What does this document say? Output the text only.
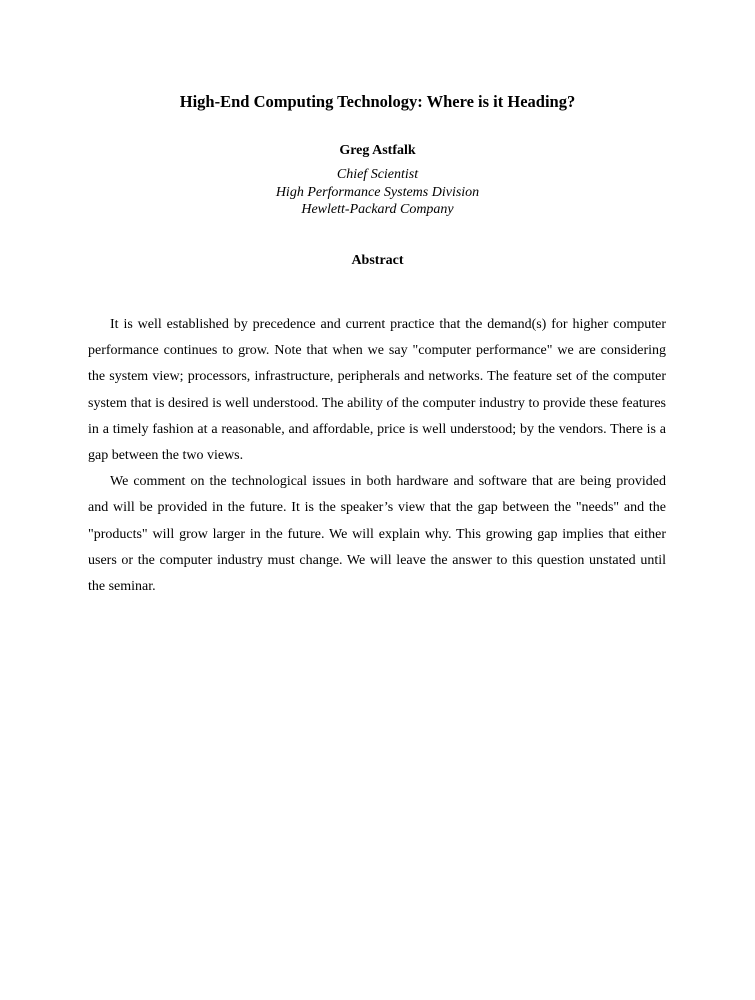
High-End Computing Technology: Where is it Heading?
Greg Astfalk
Chief Scientist
High Performance Systems Division
Hewlett-Packard Company
Abstract

It is well established by precedence and current practice that the demand(s) for higher computer performance continues to grow. Note that when we say "computer performance" we are considering the system view; processors, infrastructure, peripherals and networks. The feature set of the computer system that is desired is well understood. The ability of the computer industry to provide these features in a timely fashion at a reasonable, and affordable, price is well understood; by the vendors. There is a gap between the two views.

We comment on the technological issues in both hardware and software that are being provided and will be provided in the future. It is the speaker’s view that the gap between the "needs" and the "products" will grow larger in the future. We will explain why. This growing gap implies that either users or the computer industry must change. We will leave the answer to this question unstated until the seminar.
